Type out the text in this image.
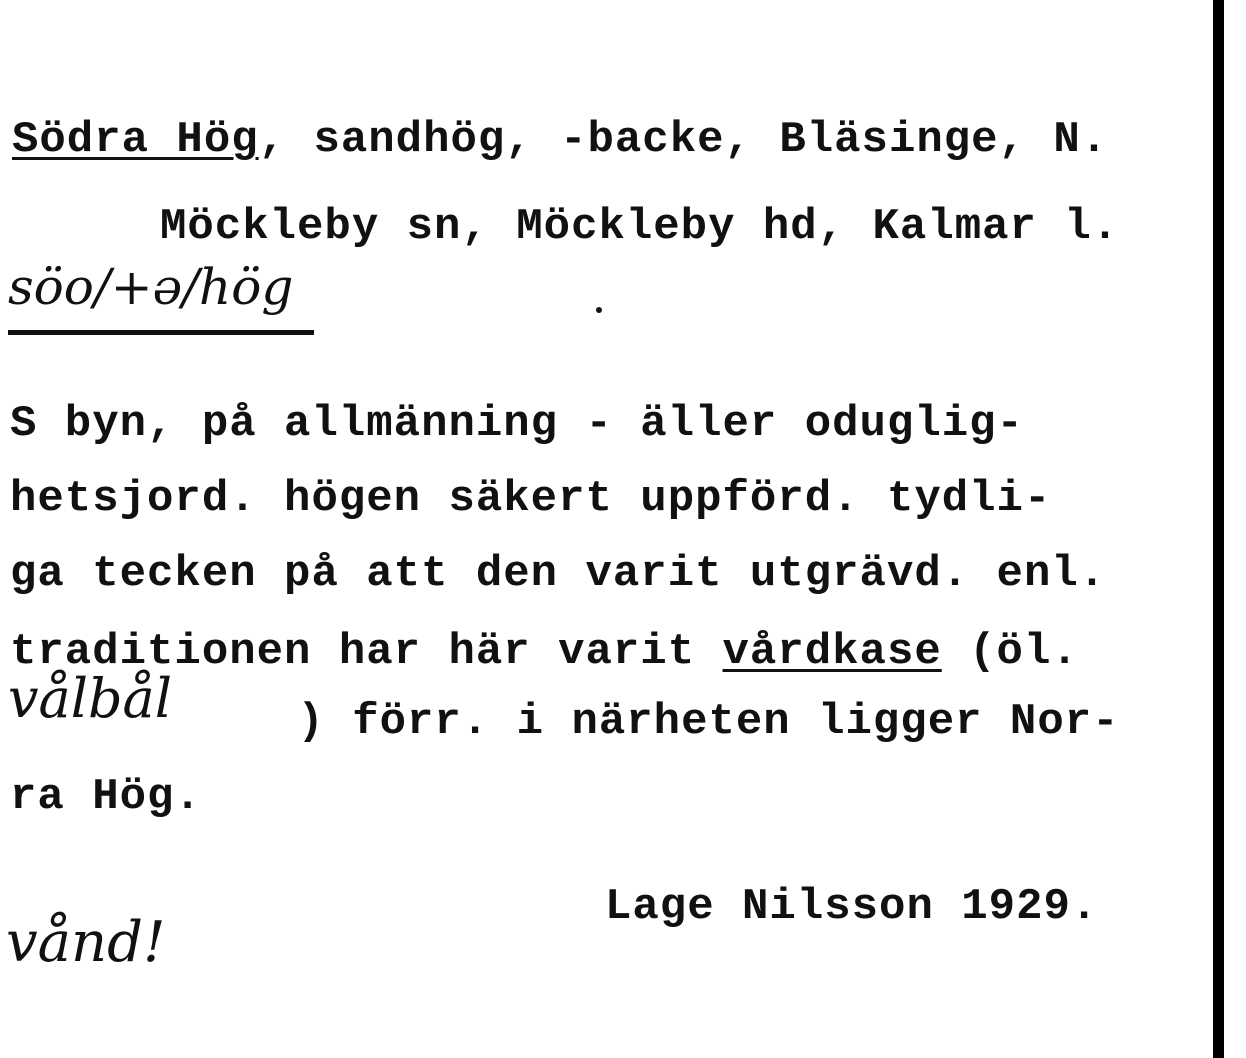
Södra Hög, sandhög, -backe, Bläsinge, N.
Möckleby sn, Möckleby hd, Kalmar l.
söo/+ə/hög
S byn, på allmänning - äller oduglig-
hetsjord. högen säkert uppförd. tydli-
ga tecken på att den varit utgrävd. enl.
traditionen har här varit vårdkase (öl.
vålbål ) förr. i närheten ligger Nor-
ra Hög.
Lage Nilsson 1929.
vånd!
